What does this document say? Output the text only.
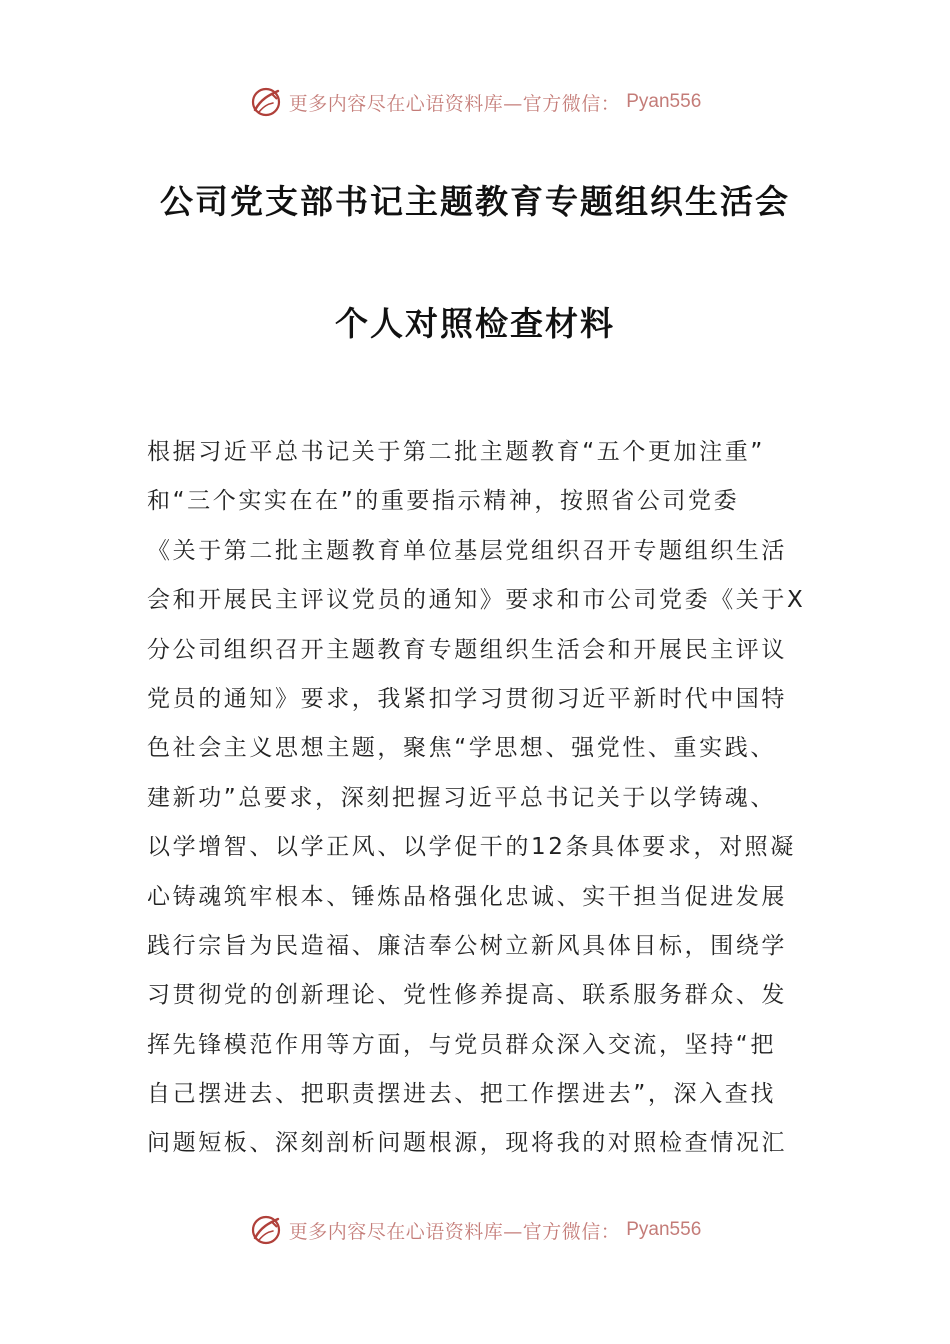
更多内容尽在心语资料库—官方微信： Pyan556
公司党支部书记主题教育专题组织生活会
个人对照检查材料
根据习近平总书记关于第二批主题教育“五个更加注重”
和“三个实实在在”的重要指示精神，按照省公司党委
《关于第二批主题教育单位基层党组织召开专题组织生活
会和开展民主评议党员的通知》要求和市公司党委《关于X
分公司组织召开主题教育专题组织生活会和开展民主评议
党员的通知》要求，我紧扣学习贯彻习近平新时代中国特
色社会主义思想主题，聚焦“学思想、强党性、重实践、
建新功”总要求，深刻把握习近平总书记关于以学铸魂、
以学增智、以学正风、以学促干的12条具体要求，对照凝
心铸魂筑牢根本、锤炼品格强化忠诚、实干担当促进发展
践行宗旨为民造福、廉洁奉公树立新风具体目标，围绕学
习贯彻党的创新理论、党性修养提高、联系服务群众、发
挥先锋模范作用等方面，与党员群众深入交流，坚持“把
自己摆进去、把职责摆进去、把工作摆进去”，深入查找
问题短板、深刻剖析问题根源，现将我的对照检查情况汇
更多内容尽在心语资料库—官方微信： Pyan556
